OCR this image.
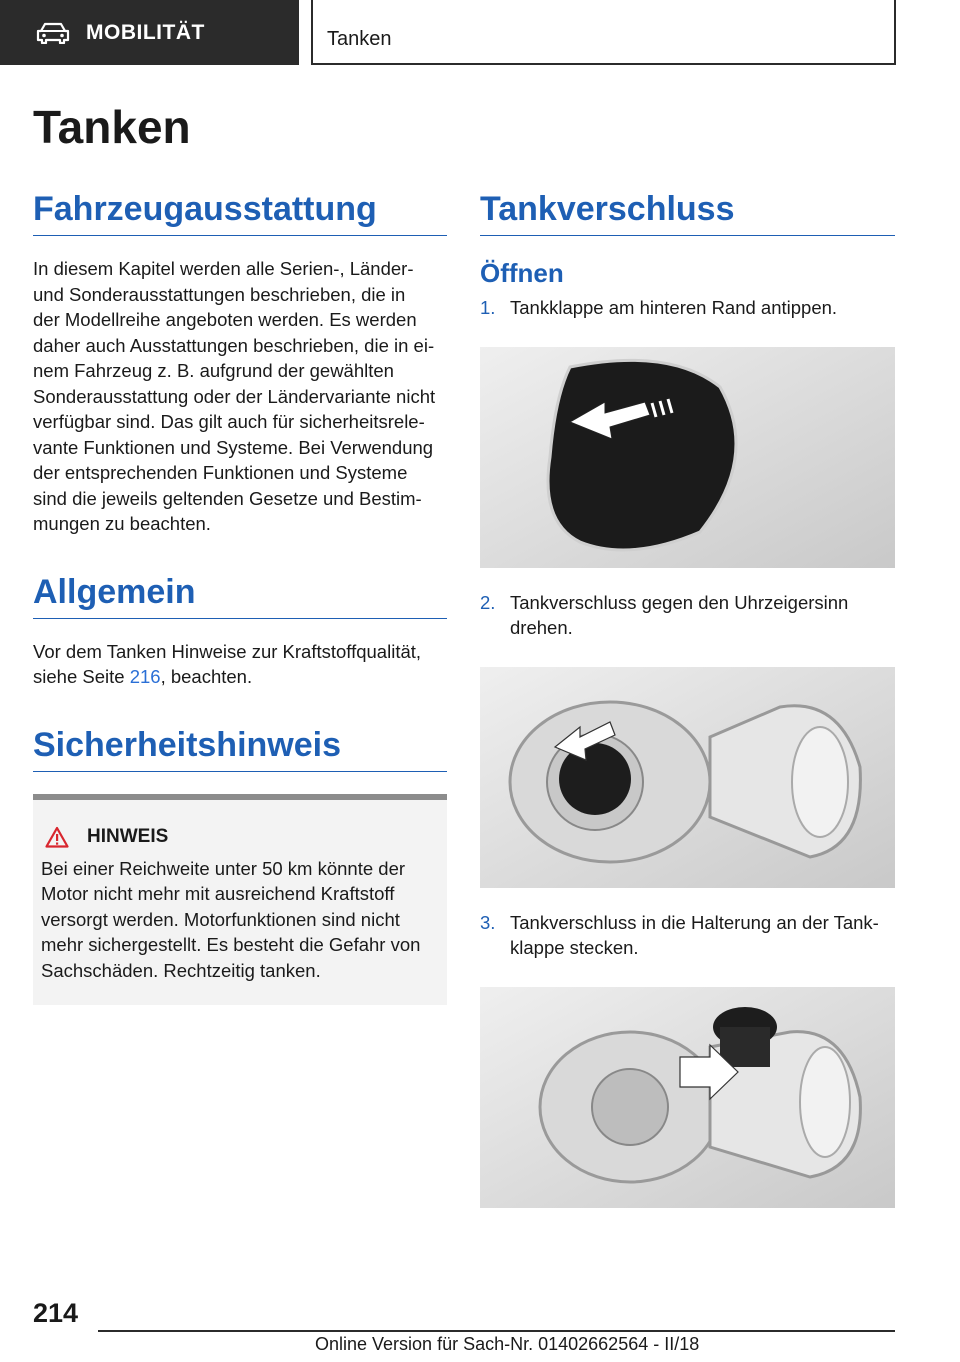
MOBILITÄT	Tanken
Tanken
Fahrzeugausstattung

In diesem Kapitel werden alle Serien-, Länder-
und Sonderausstattungen beschrieben, die in
der Modellreihe angeboten werden. Es werden
daher auch Ausstattungen beschrieben, die in ei-
nem Fahrzeug z. B. aufgrund der gewählten
Sonderausstattung oder der Ländervariante nicht
verfügbar sind. Das gilt auch für sicherheitsrele-
vante Funktionen und Systeme. Bei Verwendung
der entsprechenden Funktionen und Systeme
sind die jeweils geltenden Gesetze und Bestim-
mungen zu beachten.

Allgemein

Vor dem Tanken Hinweise zur Kraftstoffqualität,
siehe Seite 216, beachten.

Sicherheitshinweis
HINWEIS

Bei einer Reichweite unter 50 km könnte der
Motor nicht mehr mit ausreichend Kraftstoff
versorgt werden. Motorfunktionen sind nicht
mehr sichergestellt. Es besteht die Gefahr von
Sachschäden. Rechtzeitig tanken.

Tankverschluss
Öffnen
1. Tankklappe am hinteren Rand antippen.
2. Tankverschluss gegen den Uhrzeigersinn
drehen.
3. Tankverschluss in die Halterung an der Tank-
klappe stecken.
214
Online Version für Sach-Nr. 01402662564 - II/18
